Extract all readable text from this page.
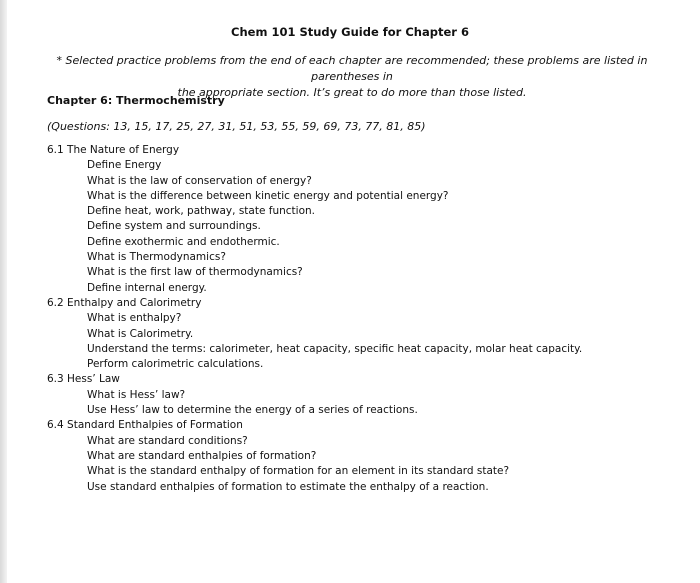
Chem 101 Study Guide for Chapter 6
* Selected practice problems from the end of each chapter are recommended; these problems are listed in parentheses in
the appropriate section. It’s great to do more than those listed.
Chapter 6: Thermochemistry
(Questions: 13, 15, 17, 25, 27, 31, 51, 53, 55, 59, 69, 73, 77, 81, 85)
6.1 The Nature of Energy
Define Energy
What is the law of conservation of energy?
What is the difference between kinetic energy and potential energy?
Define heat, work, pathway, state function.
Define system and surroundings.
Define exothermic and endothermic.
What is Thermodynamics?
What is the first law of thermodynamics?
Define internal energy.
6.2 Enthalpy and Calorimetry
What is enthalpy?
What is Calorimetry.
Understand the terms: calorimeter, heat capacity, specific heat capacity, molar heat capacity.
Perform calorimetric calculations.
6.3 Hess’ Law
What is Hess’ law?
Use Hess’ law to determine the energy of a series of reactions.
6.4 Standard Enthalpies of Formation
What are standard conditions?
What are standard enthalpies of formation?
What is the standard enthalpy of formation for an element in its standard state?
Use standard enthalpies of formation to estimate the enthalpy of a reaction.
